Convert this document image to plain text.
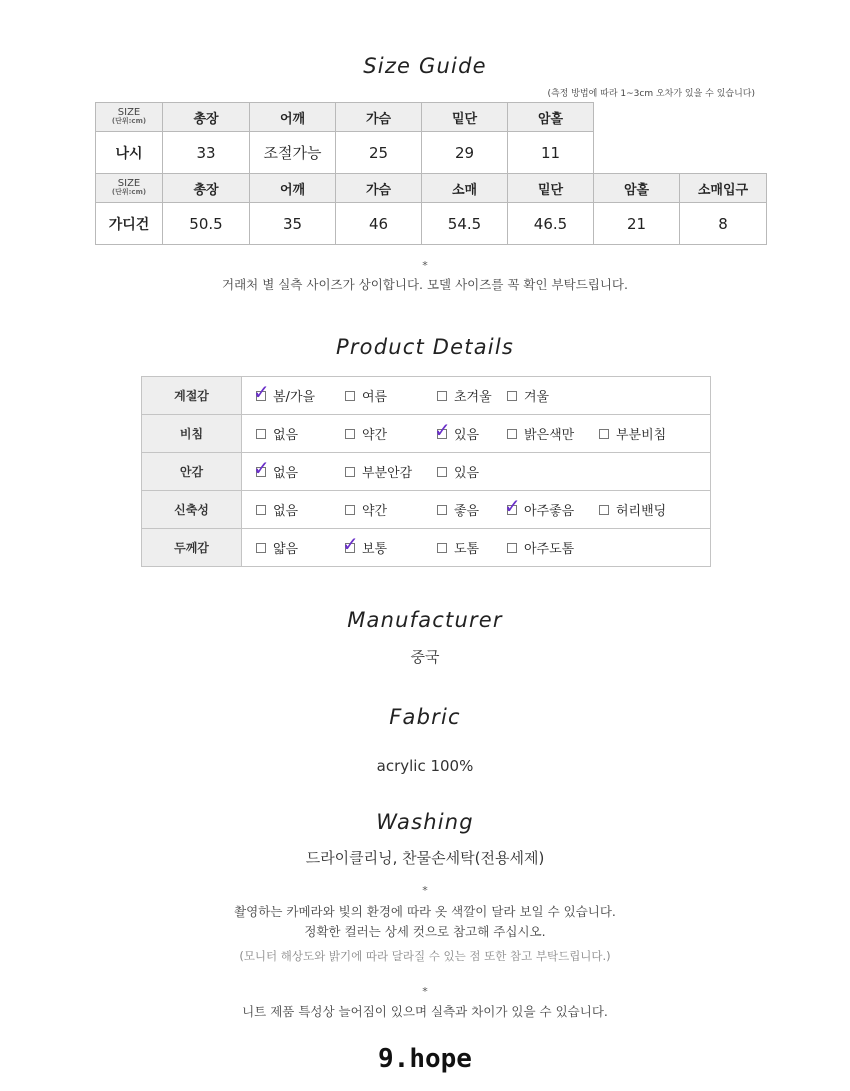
Size Guide
(측정 방법에 따라 1~3cm 오차가 있을 수 있습니다)
SIZE
(단위:cm)	총장	어깨	가슴	밑단	암홀		
나시	33	조절가능	25	29	11		

SIZE
(단위:cm)	총장	어깨	가슴	소매	밑단	암홀	소매입구
가디건	50.5	35	46	54.5	46.5	21	8
*
거래처 별 실측 사이즈가 상이합니다. 모델 사이즈를 꼭 확인 부탁드립니다.
Product Details
계절감	✓ 봄/가을	여름	초겨울 겨울
비침	없음	약간 ✓ 있음	밝은색만	부분비침
안감	✓ 없음	부분안감	있음
신축성	없음	약간	좋음 ✓ 아주좋음	허리밴딩
두께감	얇음 ✓ 보통	도톰	아주도톰
Manufacturer
중국
Fabric
acrylic 100%
Washing
드라이클리닝, 찬물손세탁(전용세제)
*
촬영하는 카메라와 빛의 환경에 따라 옷 색깔이 달라 보일 수 있습니다.
정확한 컬러는 상세 컷으로 참고해 주십시오.
(모니터 해상도와 밝기에 따라 달라질 수 있는 점 또한 참고 부탁드립니다.)
*
니트 제품 특성상 늘어짐이 있으며 실측과 차이가 있을 수 있습니다.
9.hope
